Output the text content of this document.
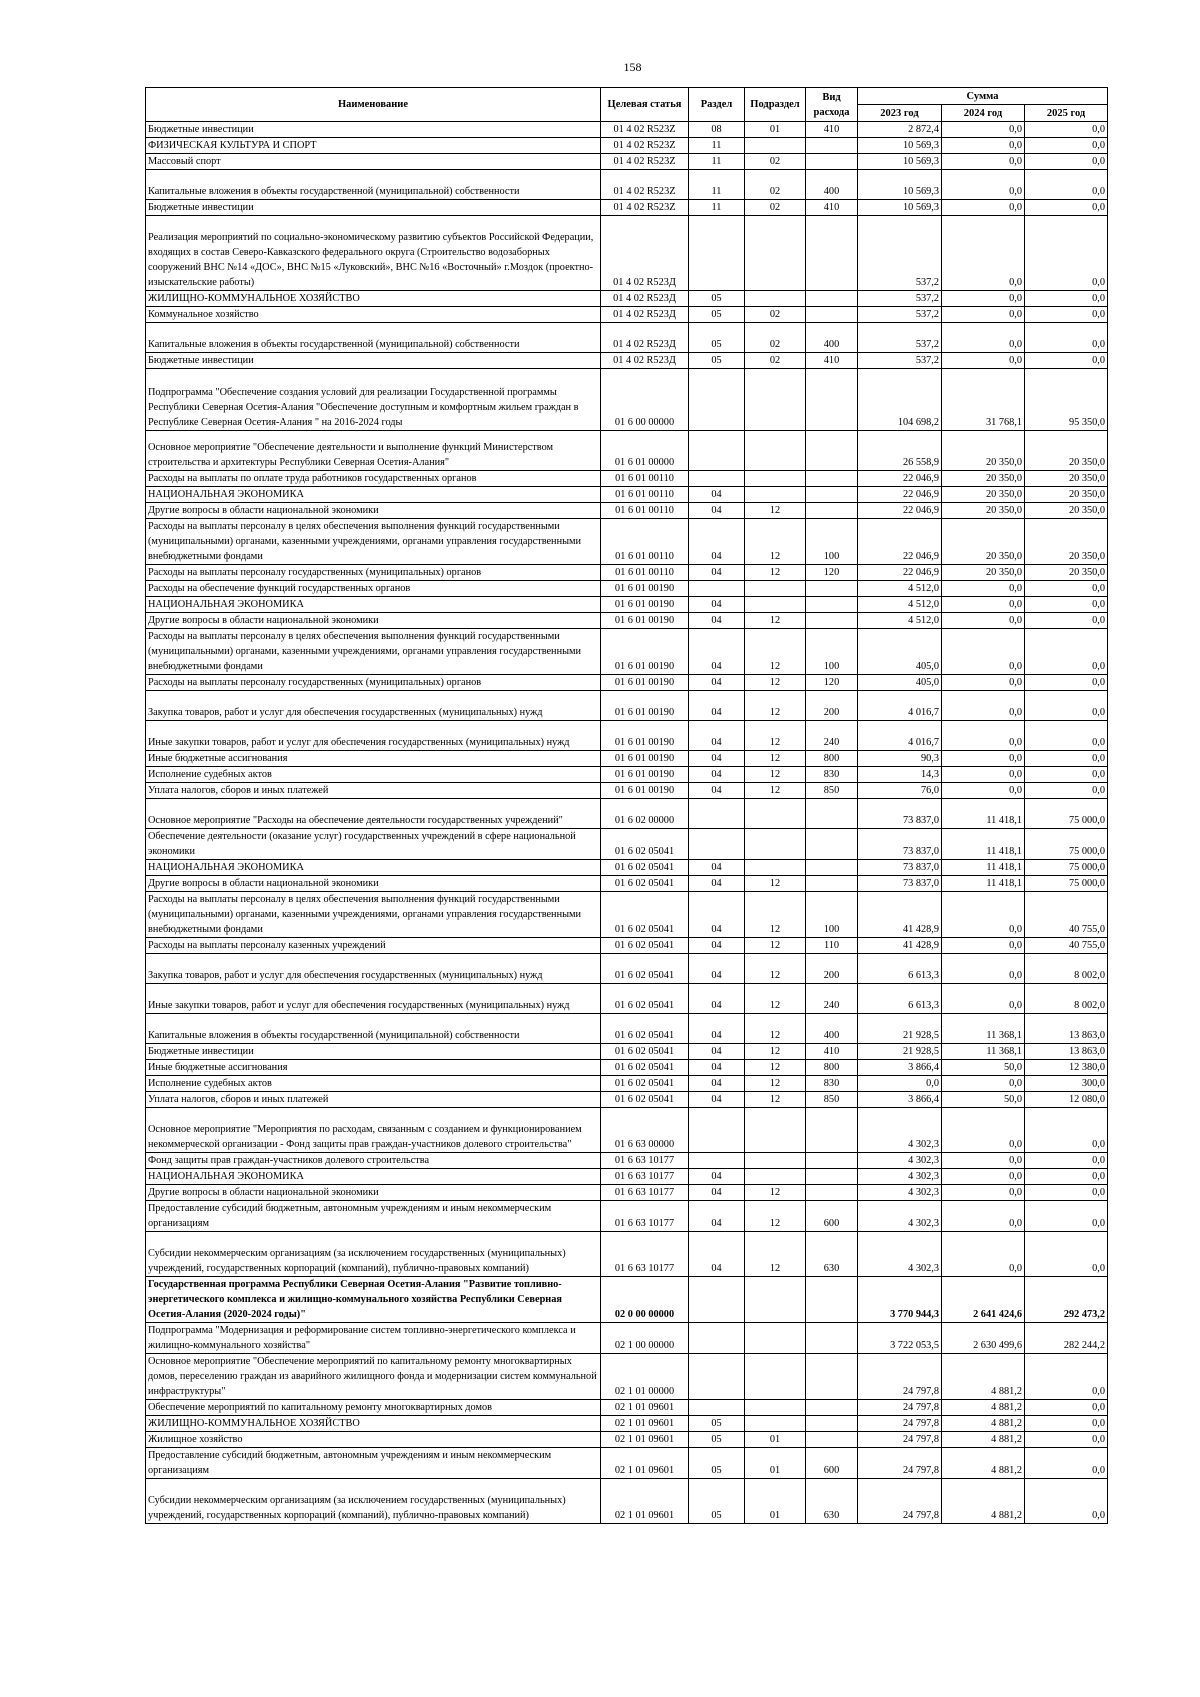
158
Наименование	Целевая статья	Раздел	Подраздел	Вид расхода	Сумма		
					2023 год	2024 год	2025 год
Бюджетные инвестиции	01 4 02 R523Z	08	01	410	2 872,4	0,0	0,0
ФИЗИЧЕСКАЯ КУЛЬТУРА И СПОРТ	01 4 02 R523Z	11			10 569,3	0,0	0,0
Массовый спорт	01 4 02 R523Z	11	02		10 569,3	0,0	0,0
Капитальные вложения в объекты государственной (муниципальной) собственности	01 4 02 R523Z	11	02	400	10 569,3	0,0	0,0
Бюджетные инвестиции	01 4 02 R523Z	11	02	410	10 569,3	0,0	0,0
Реализация мероприятий по социально-экономическому развитию субъектов Российской Федерации, входящих в состав Северо-Кавказского федерального округа (Строительство водозаборных сооружений ВНС №14 «ДОС», ВНС №15 «Луковский», ВНС №16 «Восточный» г.Моздок (проектно-изыскательские работы)	01 4 02 R523Д				537,2	0,0	0,0
ЖИЛИЩНО-КОММУНАЛЬНОЕ ХОЗЯЙСТВО	01 4 02 R523Д	05			537,2	0,0	0,0
Коммунальное хозяйство	01 4 02 R523Д	05	02		537,2	0,0	0,0
Капитальные вложения в объекты государственной (муниципальной) собственности	01 4 02 R523Д	05	02	400	537,2	0,0	0,0
Бюджетные инвестиции	01 4 02 R523Д	05	02	410	537,2	0,0	0,0
Подпрограмма "Обеспечение создания условий для реализации Государственной программы Республики Северная Осетия-Алания "Обеспечение доступным и комфортным жильем граждан в Республике Северная Осетия-Алания " на 2016-2024 годы	01 6 00 00000				104 698,2	31 768,1	95 350,0
Основное мероприятие "Обеспечение деятельности и выполнение функций Министерством строительства и архитектуры Республики Северная Осетия-Алания"	01 6 01 00000				26 558,9	20 350,0	20 350,0
Расходы на выплаты по оплате труда работников государственных органов	01 6 01 00110				22 046,9	20 350,0	20 350,0
НАЦИОНАЛЬНАЯ ЭКОНОМИКА	01 6 01 00110	04			22 046,9	20 350,0	20 350,0
Другие вопросы в области национальной экономики	01 6 01 00110	04	12		22 046,9	20 350,0	20 350,0
Расходы на выплаты персоналу в целях обеспечения выполнения функций государственными (муниципальными) органами, казенными учреждениями, органами управления государственными внебюджетными фондами	01 6 01 00110	04	12	100	22 046,9	20 350,0	20 350,0
Расходы на выплаты персоналу государственных (муниципальных) органов	01 6 01 00110	04	12	120	22 046,9	20 350,0	20 350,0
Расходы на обеспечение функций государственных органов	01 6 01 00190				4 512,0	0,0	0,0
НАЦИОНАЛЬНАЯ ЭКОНОМИКА	01 6 01 00190	04			4 512,0	0,0	0,0
Другие вопросы в области национальной экономики	01 6 01 00190	04	12		4 512,0	0,0	0,0
Расходы на выплаты персоналу в целях обеспечения выполнения функций государственными (муниципальными) органами, казенными учреждениями, органами управления государственными внебюджетными фондами	01 6 01 00190	04	12	100	405,0	0,0	0,0
Расходы на выплаты персоналу государственных (муниципальных) органов	01 6 01 00190	04	12	120	405,0	0,0	0,0
Закупка товаров, работ и услуг для обеспечения государственных (муниципальных) нужд	01 6 01 00190	04	12	200	4 016,7	0,0	0,0
Иные закупки товаров, работ и услуг для обеспечения государственных (муниципальных) нужд	01 6 01 00190	04	12	240	4 016,7	0,0	0,0
Иные бюджетные ассигнования	01 6 01 00190	04	12	800	90,3	0,0	0,0
Исполнение судебных актов	01 6 01 00190	04	12	830	14,3	0,0	0,0
Уплата налогов, сборов и иных платежей	01 6 01 00190	04	12	850	76,0	0,0	0,0
Основное мероприятие "Расходы на обеспечение деятельности государственных учреждений"	01 6 02 00000				73 837,0	11 418,1	75 000,0
Обеспечение деятельности (оказание услуг) государственных учреждений в сфере национальной экономики	01 6 02 05041				73 837,0	11 418,1	75 000,0
НАЦИОНАЛЬНАЯ ЭКОНОМИКА	01 6 02 05041	04			73 837,0	11 418,1	75 000,0
Другие вопросы в области национальной экономики	01 6 02 05041	04	12		73 837,0	11 418,1	75 000,0
Расходы на выплаты персоналу в целях обеспечения выполнения функций государственными (муниципальными) органами, казенными учреждениями, органами управления государственными внебюджетными фондами	01 6 02 05041	04	12	100	41 428,9	0,0	40 755,0
Расходы на выплаты персоналу казенных учреждений	01 6 02 05041	04	12	110	41 428,9	0,0	40 755,0
Закупка товаров, работ и услуг для обеспечения государственных (муниципальных) нужд	01 6 02 05041	04	12	200	6 613,3	0,0	8 002,0
Иные закупки товаров, работ и услуг для обеспечения государственных (муниципальных) нужд	01 6 02 05041	04	12	240	6 613,3	0,0	8 002,0
Капитальные вложения в объекты государственной (муниципальной) собственности	01 6 02 05041	04	12	400	21 928,5	11 368,1	13 863,0
Бюджетные инвестиции	01 6 02 05041	04	12	410	21 928,5	11 368,1	13 863,0
Иные бюджетные ассигнования	01 6 02 05041	04	12	800	3 866,4	50,0	12 380,0
Исполнение судебных актов	01 6 02 05041	04	12	830	0,0	0,0	300,0
Уплата налогов, сборов и иных платежей	01 6 02 05041	04	12	850	3 866,4	50,0	12 080,0
Основное мероприятие "Мероприятия по расходам, связанным с созданием и функционированием некоммерческой организации - Фонд защиты прав граждан-участников долевого строительства"	01 6 63 00000				4 302,3	0,0	0,0
Фонд защиты прав граждан-участников долевого строительства	01 6 63 10177				4 302,3	0,0	0,0
НАЦИОНАЛЬНАЯ ЭКОНОМИКА	01 6 63 10177	04			4 302,3	0,0	0,0
Другие вопросы в области национальной экономики	01 6 63 10177	04	12		4 302,3	0,0	0,0
Предоставление субсидий бюджетным, автономным учреждениям и иным некоммерческим организациям	01 6 63 10177	04	12	600	4 302,3	0,0	0,0
Субсидии некоммерческим организациям (за исключением государственных (муниципальных) учреждений, государственных корпораций (компаний), публично-правовых компаний)	01 6 63 10177	04	12	630	4 302,3	0,0	0,0
Государственная программа Республики Северная Осетия-Алания "Развитие топливно-энергетического комплекса и жилищно-коммунального хозяйства Республики Северная Осетия-Алания (2020-2024 годы)"	02 0 00 00000				3 770 944,3	2 641 424,6	292 473,2
Подпрограмма "Модернизация и реформирование систем топливно-энергетического комплекса и жилищно-коммунального хозяйства"	02 1 00 00000				3 722 053,5	2 630 499,6	282 244,2
Основное мероприятие "Обеспечение мероприятий по капитальному ремонту многоквартирных домов, переселению граждан из аварийного жилищного фонда и модернизации систем коммунальной инфраструктуры"	02 1 01 00000				24 797,8	4 881,2	0,0
Обеспечение мероприятий по капитальному ремонту многоквартирных домов	02 1 01 09601				24 797,8	4 881,2	0,0
ЖИЛИЩНО-КОММУНАЛЬНОЕ ХОЗЯЙСТВО	02 1 01 09601	05			24 797,8	4 881,2	0,0
Жилищное хозяйство	02 1 01 09601	05	01		24 797,8	4 881,2	0,0
Предоставление субсидий бюджетным, автономным учреждениям и иным некоммерческим организациям	02 1 01 09601	05	01	600	24 797,8	4 881,2	0,0
Субсидии некоммерческим организациям (за исключением государственных (муниципальных) учреждений, государственных корпораций (компаний), публично-правовых компаний)	02 1 01 09601	05	01	630	24 797,8	4 881,2	0,0
